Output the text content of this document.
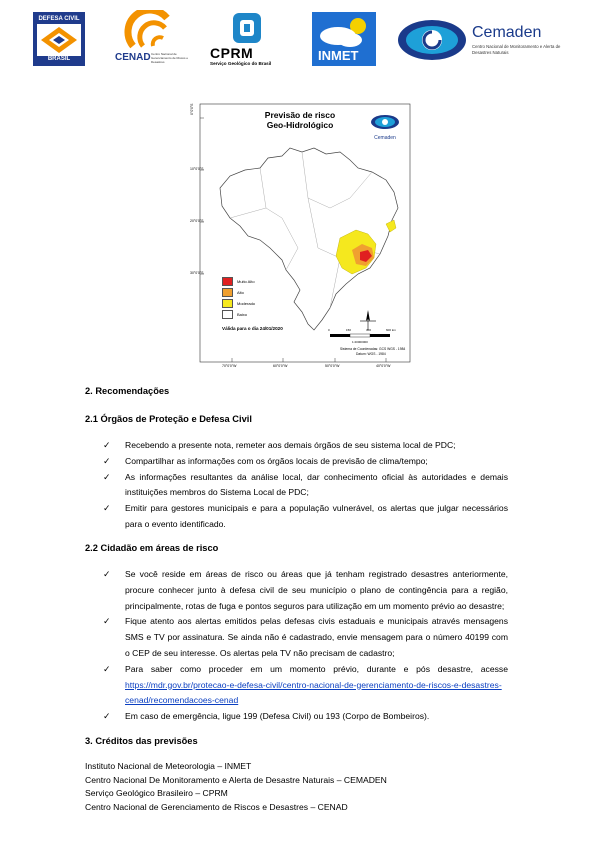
DEFESA CIVIL
BRASIL	CENAD Centro Nacional de Gerenciamento de Riscos e Desastres
CPRM
Serviço Geológico do Brasil
INMET
Cemaden
Centro Nacional de Monitoramento e Alerta de Desastres Naturais
Previsão de risco
Geo-Hidrológico
Cemaden
Muito Alto
Alto
Moderado
Baixo
Válida para o dia 24/01/2020
0°0'0"S
10°0'0"S
20°0'0"S
30°0'0"S
70°0'0"W	60°0'0"W	50°0'0"W	40°0'0"W
0	150	300	600 km
1:20000000
Sistema de Coordenadas: GCS WGS - 1984
Datum: WGS - 1984
2. Recomendações
2.1 Órgãos de Proteção e Defesa Civil
✓ Recebendo a presente nota, remeter aos demais órgãos de seu sistema local de PDC;
✓ Compartilhar as informações com os órgãos locais de previsão de clima/tempo;
✓ As informações resultantes da análise local, dar conhecimento oficial às autoridades e demais instituições membros do Sistema Local de PDC;
✓ Emitir para gestores municipais e para a população vulnerável, os alertas que julgar necessários para o evento identificado.
2.2 Cidadão em áreas de risco
✓ Se você reside em áreas de risco ou áreas que já tenham registrado desastres anteriormente, procure conhecer junto à defesa civil de seu município o plano de contingência para a região, principalmente, rotas de fuga e pontos seguros para utilização em um momento prévio ao desastre;
✓ Fique atento aos alertas emitidos pelas defesas civis estaduais e municipais através mensagens SMS e TV por assinatura. Se ainda não é cadastrado, envie mensagem para o número 40199 com o CEP de seu interesse. Os alertas pela TV não precisam de cadastro;
✓ Para saber como proceder em um momento prévio, durante e pós desastre, acesse https://mdr.gov.br/protecao-e-defesa-civil/centro-nacional-de-gerenciamento-de-riscos-e-desastres-cenad/recomendacoes-cenad
✓ Em caso de emergência, ligue 199 (Defesa Civil) ou 193 (Corpo de Bombeiros).
3. Créditos das previsões
Instituto Nacional de Meteorologia – INMET
Centro Nacional De Monitoramento e Alerta de Desastre Naturais – CEMADEN
Serviço Geológico Brasileiro – CPRM
Centro Nacional de Gerenciamento de Riscos e Desastres – CENAD
